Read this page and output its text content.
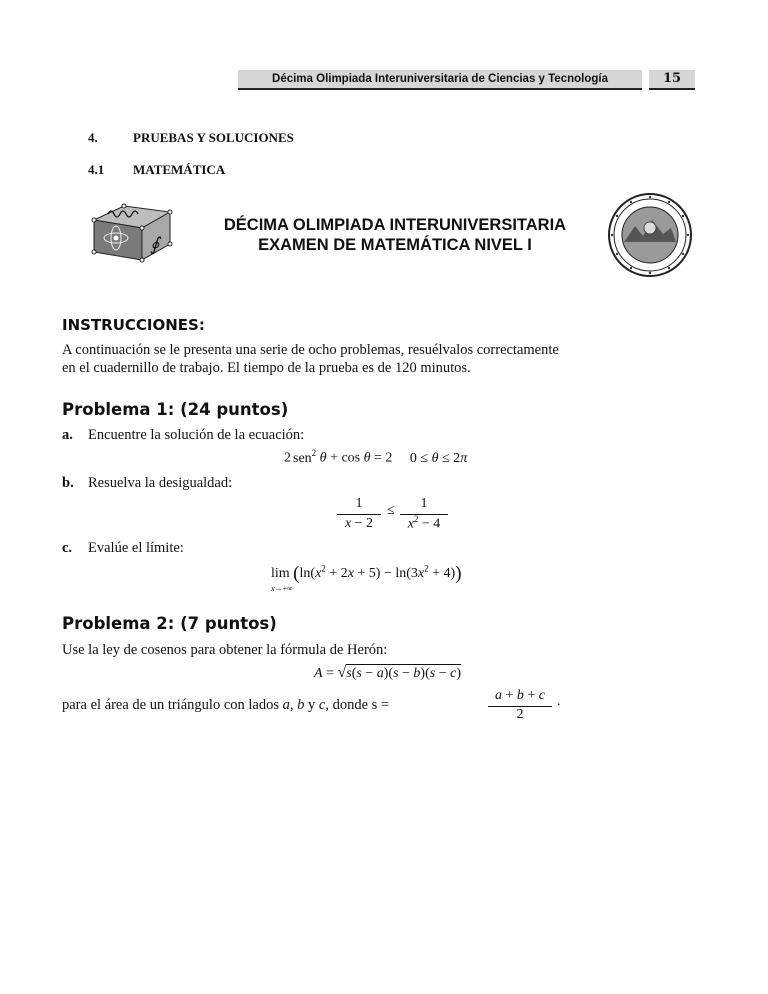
Décima Olimpiada Interuniversitaria de Ciencias y Tecnología	15
4.	PRUEBAS Y SOLUCIONES
4.1 MATEMÁTICA
∮
DÉCIMA OLIMPIADA INTERUNIVERSITARIA
EXAMEN DE MATEMÁTICA NIVEL I
INSTRUCCIONES:
A continuación se le presenta una serie de ocho problemas, resuélvalos correctamente
en el cuadernillo de trabajo. El tiempo de la prueba es de 120 minutos.
Problema 1: (24 puntos)
a. Encuentre la solución de la ecuación:
2 sen$^2$ θ + cos θ = 2 0 ≤ θ ≤ 2π
b. Resuelva la desigualdad:
1
x − 2
≤	1
$x^2 - 4$
c. Evalúe el límite:
$\lim (\ln(x^2 + 2x + 5) - \ln(3x^2 + 4))$
x→+∞
Problema 2: (7 puntos)
Use la ley de cosenos para obtener la fórmula de Herón:
A = √s(s − a)(s − b)(s − c)
para el área de un triángulo con lados a, b y c, donde s =
a + b + c
2
.
